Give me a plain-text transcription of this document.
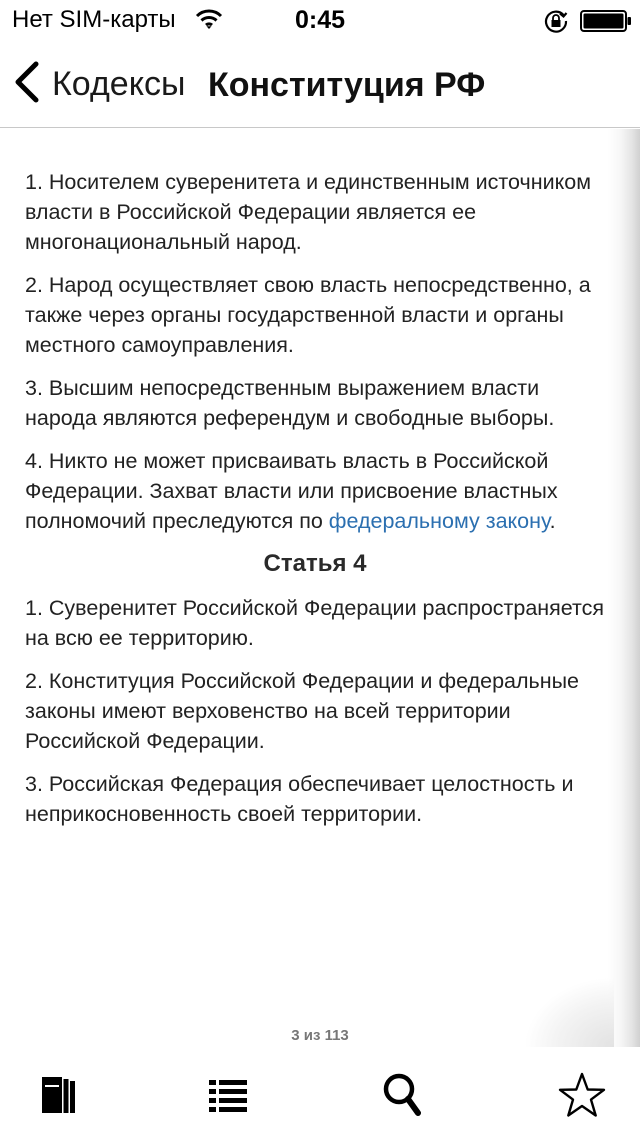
Нет SIM-карты	0:45
Кодексы Конституция РФ

1. Носителем суверенитета и единственным источником власти в Российской Федерации является ее многонациональный народ.

2. Народ осуществляет свою власть непосредственно, а также через органы государственной власти и органы местного самоуправления.

3. Высшим непосредственным выражением власти народа являются референдум и свободные выборы.

4. Никто не может присваивать власть в Российской Федерации. Захват власти или присвоение властных полномочий преследуются по федеральному закону.

Статья 4

1. Суверенитет Российской Федерации распространяется на всю ее территорию.

2. Конституция Российской Федерации и федеральные законы имеют верховенство на всей территории Российской Федерации.

3. Российская Федерация обеспечивает целостность и неприкосновенность своей территории.

3 из 113
